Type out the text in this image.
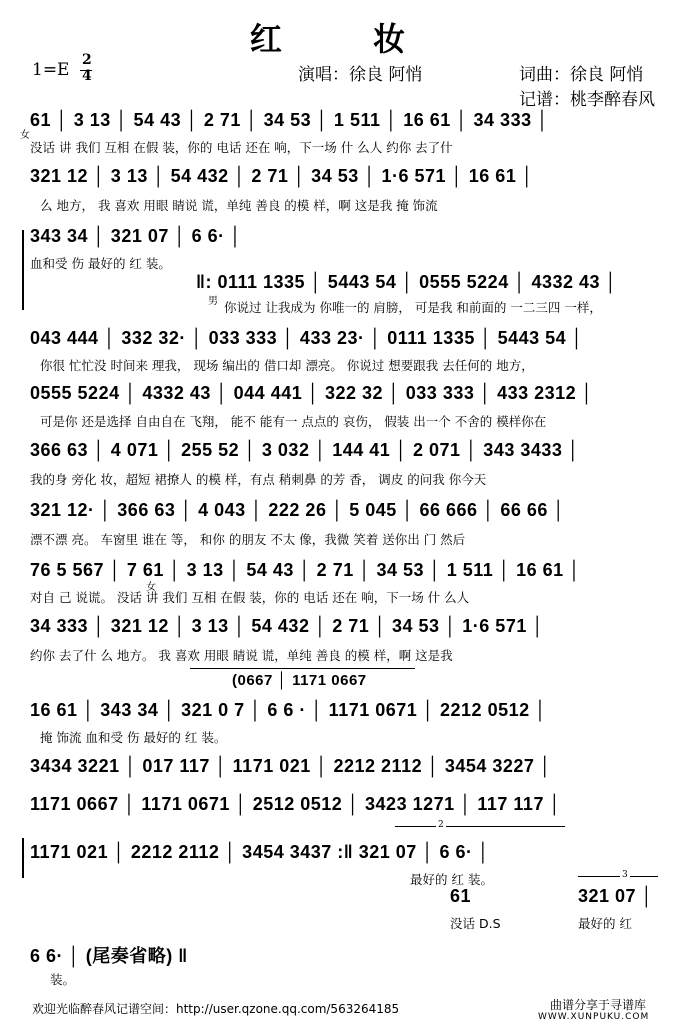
红 妆
1=E 2
4	演唱：徐良 阿悄	词曲：徐良 阿悄
记谱：桃李醉春风
61 │ 3 13 │ 54 43 │ 2 71 │ 34 53 │ 1 511 │ 16 61 │ 34 333 │
没话 讲 我们 互相 在假 装，你的 电话 还在 响，下一场 什 么人 约你 去了什
女
321 12 │ 3 13 │ 54 432 │ 2 71 │ 34 53 │ 1·6 571 │ 16 61 │
么 地方， 我 喜欢 用眼 睛说 谎，单纯 善良 的模 样，啊 这是我 掩 饰流
343 34 │ 321 07 │ 6 6· │
血和受 伤 最好的 红 装。
‖: 0111 1335 │ 5443 54 │ 0555 5224 │ 4332 43 │
男 你说过 让我成为 你唯一的 肩膀， 可是我 和前面的 一二三四 一样，
043 444 │ 332 32· │ 033 333 │ 433 23· │ 0111 1335 │ 5443 54 │
你很 忙忙没 时间来 理我， 现场 编出的 借口却 漂亮。 你说过 想要跟我 去任何的 地方，
0555 5224 │ 4332 43 │ 044 441 │ 322 32 │ 033 333 │ 433 2312 │
可是你 还是选择 自由自在 飞翔， 能不 能有一 点点的 哀伤， 假装 出一个 不舍的 模样你在
366 63 │ 4 071 │ 255 52 │ 3 032 │ 144 41 │ 2 071 │ 343 3433 │
我的身 旁化 妆，超短 裙撩人 的模 样，有点 稍刺鼻 的芳 香， 调皮 的问我 你今天
321 12· │ 366 63 │ 4 043 │ 222 26 │ 5 045 │ 66 666 │ 66 66 │
漂不漂 亮。 车窗里 谁在 等， 和你 的朋友 不太 像，我微 笑着 送你出 门 然后
76 5 567 │ 7 61 │ 3 13 │ 54 43 │ 2 71 │ 34 53 │ 1 511 │ 16 61 │
女
对自 己 说谎。 没话 讲 我们 互相 在假 装，你的 电话 还在 响，下一场 什 么人
34 333 │ 321 12 │ 3 13 │ 54 432 │ 2 71 │ 34 53 │ 1·6 571 │
约你 去了什 么 地方。 我 喜欢 用眼 睛说 谎，单纯 善良 的模 样，啊 这是我
(0667 │ 1171 0667
16 61 │ 343 34 │ 321 0 7 │ 6 6 · │ 1171 0671 │ 2212 0512 │
掩 饰流 血和受 伤 最好的 红 装。
3434 3221 │ 017 117 │ 1171 021 │ 2212 2112 │ 3454 3227 │
1171 0667 │ 1171 0671 │ 2512 0512 │ 3423 1271 │ 117 117 │
2
1171 021 │ 2212 2112 │ 3454 3437 :‖ 321 07 │ 6 6· │
最好的 红 装。	3
61
没话 D.S
321 07 │
最好的 红
6 6· │ (尾奏省略) ‖
装。
欢迎光临醉春风记谱空间：http://user.qzone.qq.com/563264185	曲谱分享于寻谱库
WWW.XUNPUKU.COM
